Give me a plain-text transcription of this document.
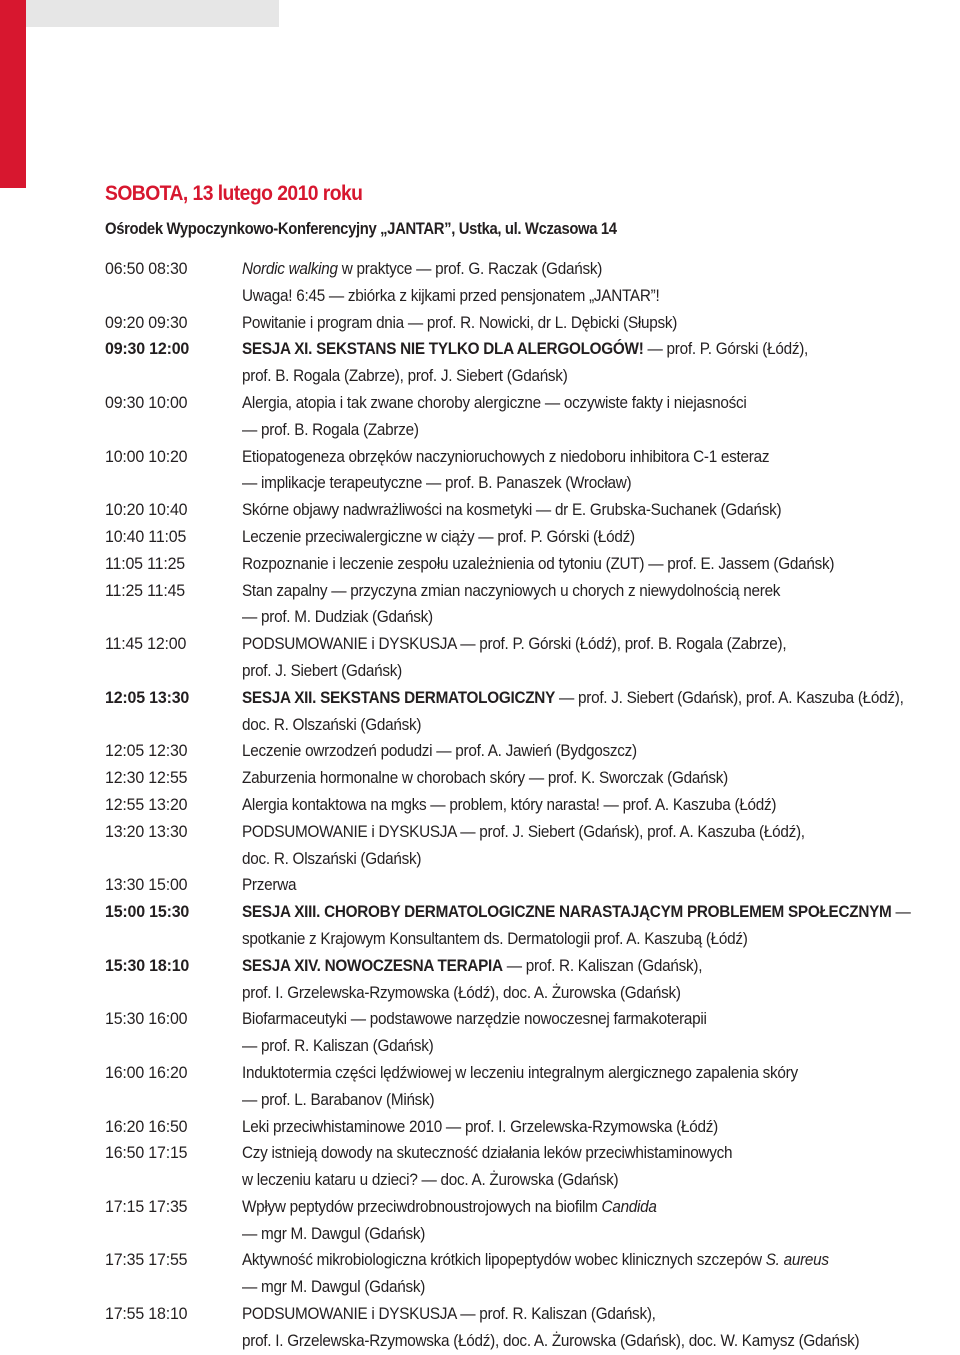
SOBOTA, 13 lutego 2010 roku
Ośrodek Wypoczynkowo-Konferencyjny „JANTAR”, Ustka, ul. Wczasowa 14
06:50 08:30	Nordic walking w praktyce — prof. G. Raczak (Gdańsk)
Uwaga! 6:45 — zbiórka z kijkami przed pensjonatem „JANTAR”!
09:20 09:30	Powitanie i program dnia — prof. R. Nowicki, dr L. Dębicki (Słupsk)
09:30 12:00	SESJA XI. SEKSTANS NIE TYLKO DLA ALERGOLOGÓW! — prof. P. Górski (Łódź),
prof. B. Rogala (Zabrze), prof. J. Siebert (Gdańsk)
09:30 10:00	Alergia, atopia i tak zwane choroby alergiczne — oczywiste fakty i niejasności
— prof. B. Rogala (Zabrze)
10:00 10:20	Etiopatogeneza obrzęków naczynioruchowych z niedoboru inhibitora C-1 esteraz
— implikacje terapeutyczne — prof. B. Panaszek (Wrocław)
10:20 10:40	Skórne objawy nadwrażliwości na kosmetyki — dr E. Grubska-Suchanek (Gdańsk)
10:40 11:05	Leczenie przeciwalergiczne w ciąży — prof. P. Górski (Łódź)
11:05 11:25	Rozpoznanie i leczenie zespołu uzależnienia od tytoniu (ZUT) — prof. E. Jassem (Gdańsk)
11:25 11:45	Stan zapalny — przyczyna zmian naczyniowych u chorych z niewydolnością nerek
— prof. M. Dudziak (Gdańsk)
11:45 12:00	PODSUMOWANIE i DYSKUSJA — prof. P. Górski (Łódź), prof. B. Rogala (Zabrze),
prof. J. Siebert (Gdańsk)
12:05 13:30	SESJA XII. SEKSTANS DERMATOLOGICZNY — prof. J. Siebert (Gdańsk), prof. A. Kaszuba (Łódź),
doc. R. Olszański (Gdańsk)
12:05 12:30	Leczenie owrzodzeń podudzi — prof. A. Jawień (Bydgoszcz)
12:30 12:55	Zaburzenia hormonalne w chorobach skóry — prof. K. Sworczak (Gdańsk)
12:55 13:20	Alergia kontaktowa na mgks — problem, który narasta! — prof. A. Kaszuba (Łódź)
13:20 13:30	PODSUMOWANIE i DYSKUSJA — prof. J. Siebert (Gdańsk), prof. A. Kaszuba (Łódź),
doc. R. Olszański (Gdańsk)
13:30 15:00	Przerwa
15:00 15:30	SESJA XIII. CHOROBY DERMATOLOGICZNE NARASTAJĄCYM PROBLEMEM SPOŁECZNYM —
spotkanie z Krajowym Konsultantem ds. Dermatologii prof. A. Kaszubą (Łódź)
15:30 18:10	SESJA XIV. NOWOCZESNA TERAPIA — prof. R. Kaliszan (Gdańsk),
prof. I. Grzelewska-Rzymowska (Łódź), doc. A. Żurowska (Gdańsk)
15:30 16:00	Biofarmaceutyki — podstawowe narzędzie nowoczesnej farmakoterapii
— prof. R. Kaliszan (Gdańsk)
16:00 16:20	Induktotermia części lędźwiowej w leczeniu integralnym alergicznego zapalenia skóry
— prof. L. Barabanov (Mińsk)
16:20 16:50	Leki przeciwhistaminowe 2010 — prof. I. Grzelewska-Rzymowska (Łódź)
16:50 17:15	Czy istnieją dowody na skuteczność działania leków przeciwhistaminowych
w leczeniu kataru u dzieci? — doc. A. Żurowska (Gdańsk)
17:15 17:35	Wpływ peptydów przeciwdrobnoustrojowych na biofilm Candida
— mgr M. Dawgul (Gdańsk)
17:35 17:55	Aktywność mikrobiologiczna krótkich lipopeptydów wobec klinicznych szczepów S. aureus
— mgr M. Dawgul (Gdańsk)
17:55 18:10	PODSUMOWANIE i DYSKUSJA — prof. R. Kaliszan (Gdańsk),
prof. I. Grzelewska-Rzymowska (Łódź), doc. A. Żurowska (Gdańsk), doc. W. Kamysz (Gdańsk)
